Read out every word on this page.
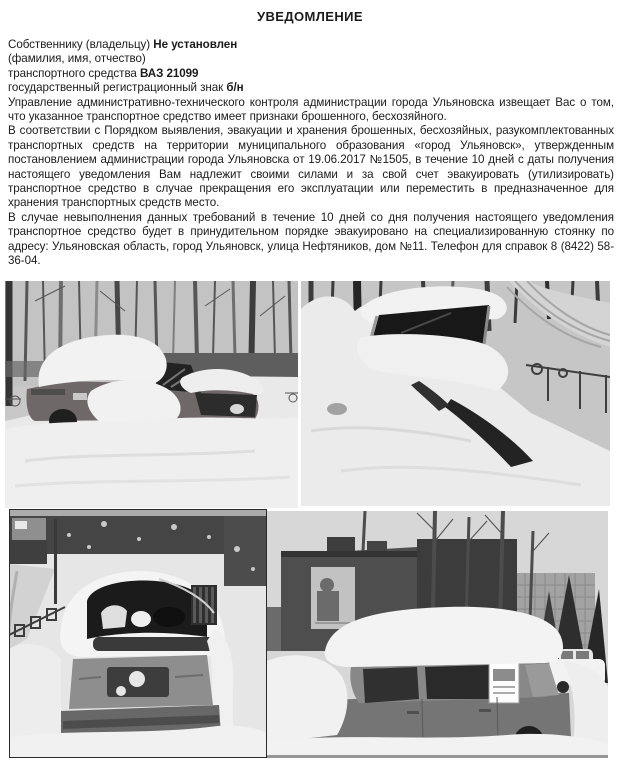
УВЕДОМЛЕНИЕ
Собственнику (владельцу) Не установлен
(фамилия, имя, отчество)
транспортного средства ВАЗ 21099
государственный регистрационный знак б/н

Управление административно-технического контроля администрации города Ульяновска извещает Вас о том, что указанное транспортное средство имеет признаки брошенного, бесхозяйного.

В соответствии с Порядком выявления, эвакуации и хранения брошенных, бесхозяйных, разукомплектованных транспортных средств на территории муниципального образования «город Ульяновск», утвержденным постановлением администрации города Ульяновска от 19.06.2017 №1505, в течение 10 дней с даты получения настоящего уведомления Вам надлежит своими силами и за свой счет эвакуировать (утилизировать) транспортное средство в случае прекращения его эксплуатации или переместить в предназначенное для хранения транспортных средств место.

В случае невыполнения данных требований в течение 10 дней со дня получения настоящего уведомления транспортное средство будет в принудительном порядке эвакуировано на специализированную стоянку по адресу: Ульяновская область, город Ульяновск, улица Нефтяников, дом №11. Телефон для справок 8 (8422) 58-36-04.
